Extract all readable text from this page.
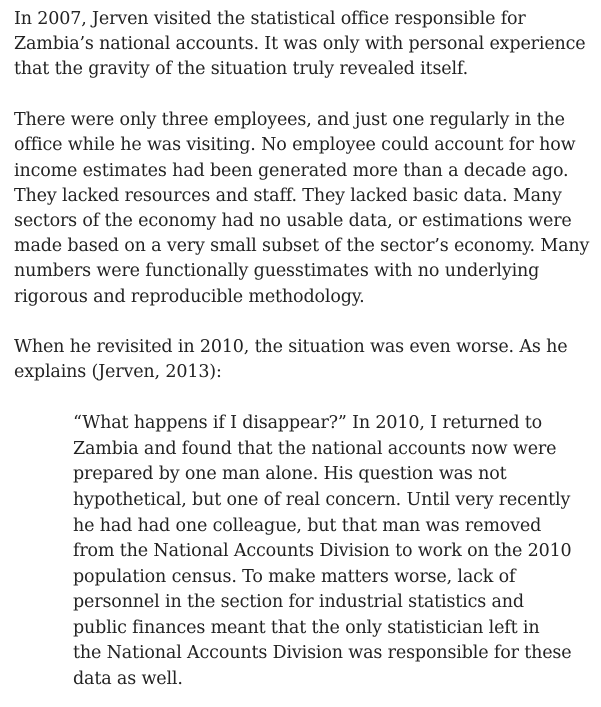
In 2007, Jerven visited the statistical office responsible for Zambia’s national accounts. It was only with personal experience that the gravity of the situation truly revealed itself.

There were only three employees, and just one regularly in the office while he was visiting. No employee could account for how income estimates had been generated more than a decade ago. They lacked resources and staff. They lacked basic data. Many sectors of the economy had no usable data, or estimations were made based on a very small subset of the sector’s economy. Many numbers were functionally guesstimates with no underlying rigorous and reproducible methodology.

When he revisited in 2010, the situation was even worse. As he explains (Jerven, 2013):

“What happens if I disappear?” In 2010, I returned to Zambia and found that the national accounts now were prepared by one man alone. His question was not hypothetical, but one of real concern. Until very recently he had had one colleague, but that man was removed from the National Accounts Division to work on the 2010 population census. To make matters worse, lack of personnel in the section for industrial statistics and public finances meant that the only statistician left in the National Accounts Division was responsible for these data as well.
